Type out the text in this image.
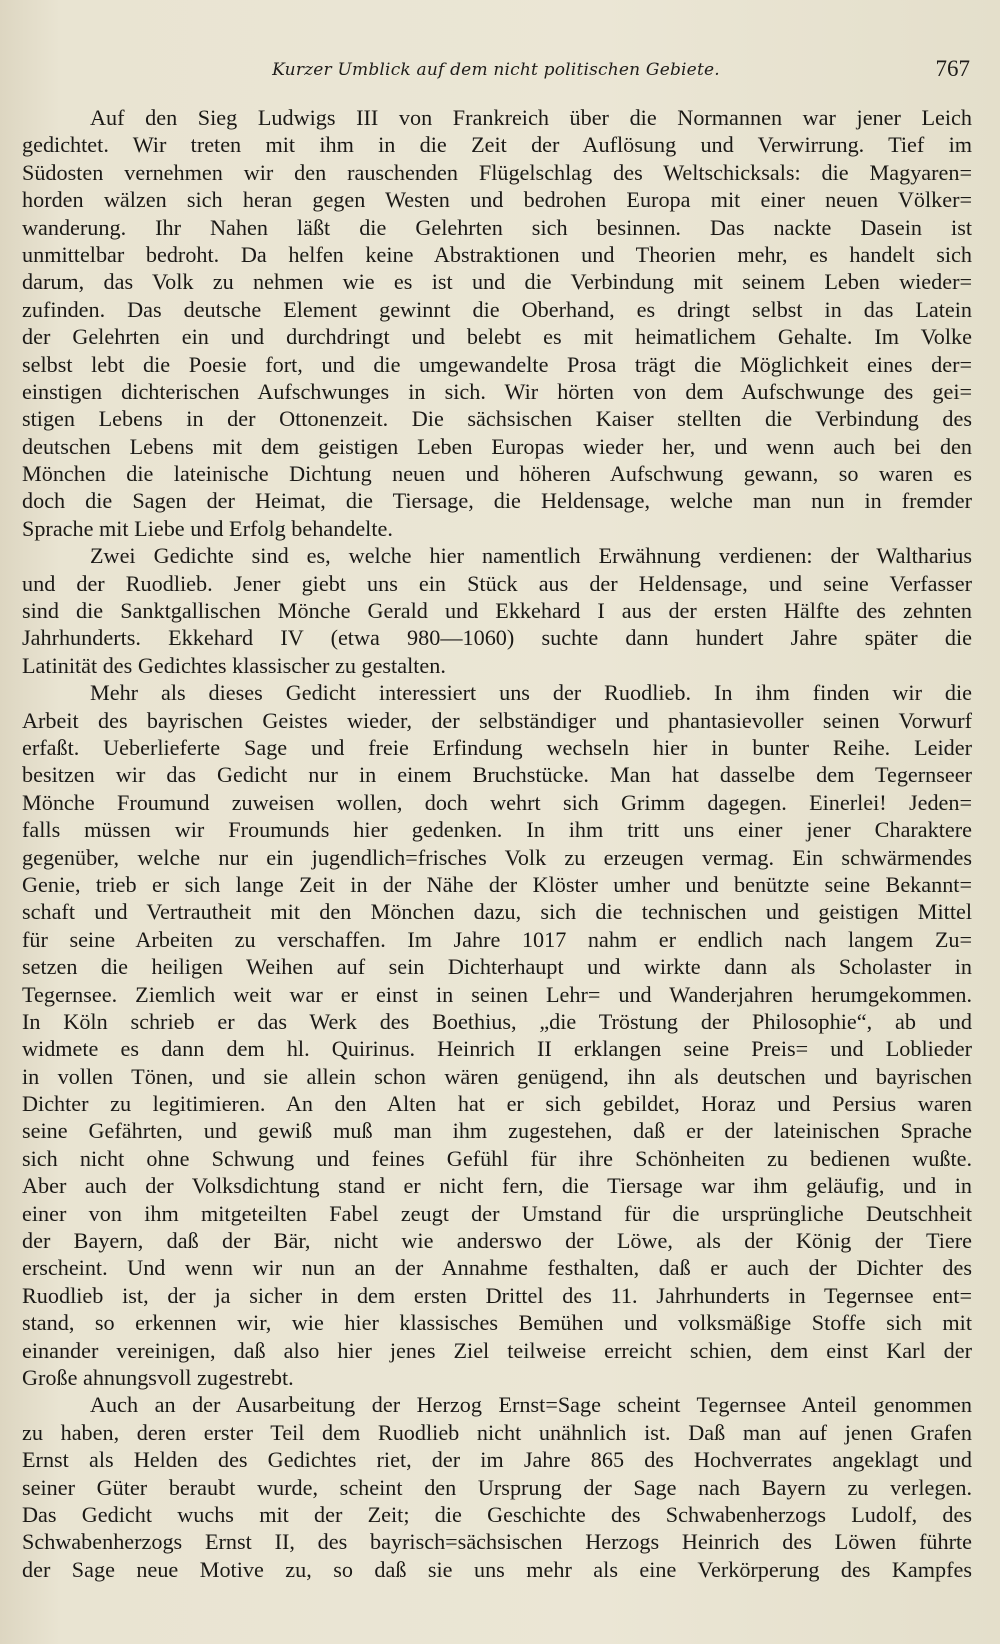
Kurzer Umblick auf dem nicht politischen Gebiete.	767
Auf den Sieg Ludwigs III von Frankreich über die Normannen war jener Leich
gedichtet. Wir treten mit ihm in die Zeit der Auflösung und Verwirrung. Tief im
Südosten vernehmen wir den rauschenden Flügelschlag des Weltschicksals: die Magyaren=
horden wälzen sich heran gegen Westen und bedrohen Europa mit einer neuen Völker=
wanderung. Ihr Nahen läßt die Gelehrten sich besinnen. Das nackte Dasein ist
unmittelbar bedroht. Da helfen keine Abstraktionen und Theorien mehr, es handelt sich
darum, das Volk zu nehmen wie es ist und die Verbindung mit seinem Leben wieder=
zufinden. Das deutsche Element gewinnt die Oberhand, es dringt selbst in das Latein
der Gelehrten ein und durchdringt und belebt es mit heimatlichem Gehalte. Im Volke
selbst lebt die Poesie fort, und die umgewandelte Prosa trägt die Möglichkeit eines der=
einstigen dichterischen Aufschwunges in sich. Wir hörten von dem Aufschwunge des gei=
stigen Lebens in der Ottonenzeit. Die sächsischen Kaiser stellten die Verbindung des
deutschen Lebens mit dem geistigen Leben Europas wieder her, und wenn auch bei den
Mönchen die lateinische Dichtung neuen und höheren Aufschwung gewann, so waren es
doch die Sagen der Heimat, die Tiersage, die Heldensage, welche man nun in fremder
Sprache mit Liebe und Erfolg behandelte.
Zwei Gedichte sind es, welche hier namentlich Erwähnung verdienen: der Waltharius
und der Ruodlieb. Jener giebt uns ein Stück aus der Heldensage, und seine Verfasser
sind die Sanktgallischen Mönche Gerald und Ekkehard I aus der ersten Hälfte des zehnten
Jahrhunderts. Ekkehard IV (etwa 980—1060) suchte dann hundert Jahre später die
Latinität des Gedichtes klassischer zu gestalten.
Mehr als dieses Gedicht interessiert uns der Ruodlieb. In ihm finden wir die
Arbeit des bayrischen Geistes wieder, der selbständiger und phantasievoller seinen Vorwurf
erfaßt. Ueberlieferte Sage und freie Erfindung wechseln hier in bunter Reihe. Leider
besitzen wir das Gedicht nur in einem Bruchstücke. Man hat dasselbe dem Tegernseer
Mönche Froumund zuweisen wollen, doch wehrt sich Grimm dagegen. Einerlei! Jeden=
falls müssen wir Froumunds hier gedenken. In ihm tritt uns einer jener Charaktere
gegenüber, welche nur ein jugendlich=frisches Volk zu erzeugen vermag. Ein schwärmendes
Genie, trieb er sich lange Zeit in der Nähe der Klöster umher und benützte seine Bekannt=
schaft und Vertrautheit mit den Mönchen dazu, sich die technischen und geistigen Mittel
für seine Arbeiten zu verschaffen. Im Jahre 1017 nahm er endlich nach langem Zu=
setzen die heiligen Weihen auf sein Dichterhaupt und wirkte dann als Scholaster in
Tegernsee. Ziemlich weit war er einst in seinen Lehr= und Wanderjahren herumgekommen.
In Köln schrieb er das Werk des Boethius, „die Tröstung der Philosophie“, ab und
widmete es dann dem hl. Quirinus. Heinrich II erklangen seine Preis= und Loblieder
in vollen Tönen, und sie allein schon wären genügend, ihn als deutschen und bayrischen
Dichter zu legitimieren. An den Alten hat er sich gebildet, Horaz und Persius waren
seine Gefährten, und gewiß muß man ihm zugestehen, daß er der lateinischen Sprache
sich nicht ohne Schwung und feines Gefühl für ihre Schönheiten zu bedienen wußte.
Aber auch der Volksdichtung stand er nicht fern, die Tiersage war ihm geläufig, und in
einer von ihm mitgeteilten Fabel zeugt der Umstand für die ursprüngliche Deutschheit
der Bayern, daß der Bär, nicht wie anderswo der Löwe, als der König der Tiere
erscheint. Und wenn wir nun an der Annahme festhalten, daß er auch der Dichter des
Ruodlieb ist, der ja sicher in dem ersten Drittel des 11. Jahrhunderts in Tegernsee ent=
stand, so erkennen wir, wie hier klassisches Bemühen und volksmäßige Stoffe sich mit
einander vereinigen, daß also hier jenes Ziel teilweise erreicht schien, dem einst Karl der
Große ahnungsvoll zugestrebt.
Auch an der Ausarbeitung der Herzog Ernst=Sage scheint Tegernsee Anteil genommen
zu haben, deren erster Teil dem Ruodlieb nicht unähnlich ist. Daß man auf jenen Grafen
Ernst als Helden des Gedichtes riet, der im Jahre 865 des Hochverrates angeklagt und
seiner Güter beraubt wurde, scheint den Ursprung der Sage nach Bayern zu verlegen.
Das Gedicht wuchs mit der Zeit; die Geschichte des Schwabenherzogs Ludolf, des
Schwabenherzogs Ernst II, des bayrisch=sächsischen Herzogs Heinrich des Löwen führte
der Sage neue Motive zu, so daß sie uns mehr als eine Verkörperung des Kampfes
